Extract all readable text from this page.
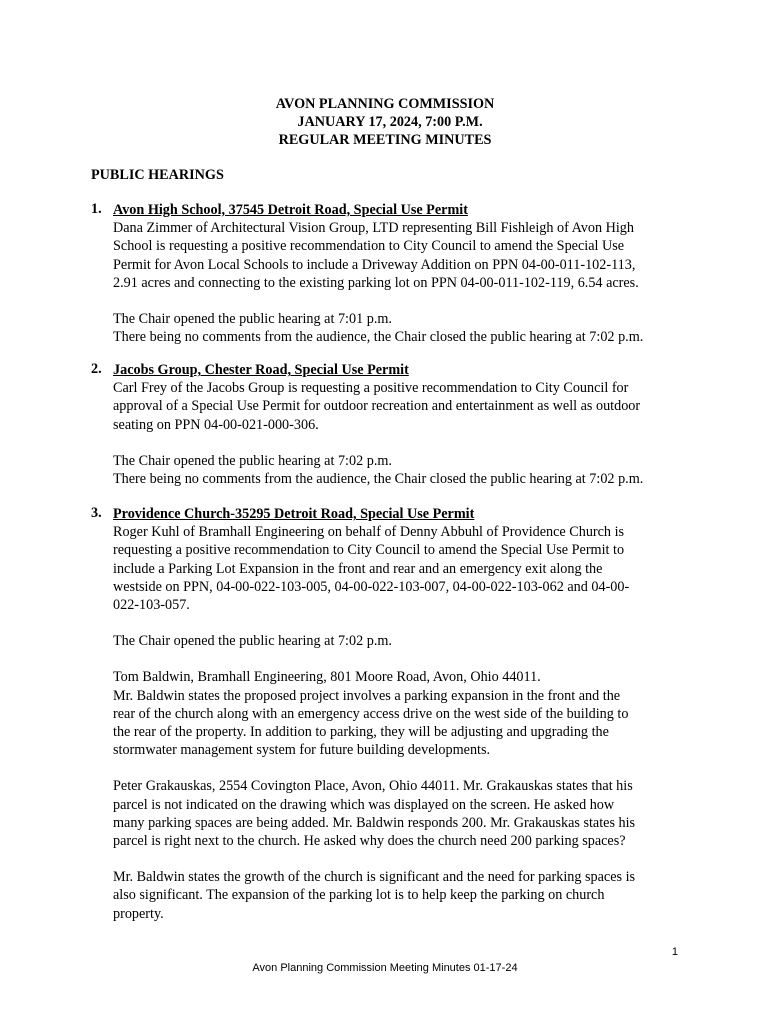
AVON PLANNING COMMISSION
JANUARY 17, 2024, 7:00 P.M.
REGULAR MEETING MINUTES
PUBLIC HEARINGS
1. Avon High School, 37545 Detroit Road, Special Use Permit

Dana Zimmer of Architectural Vision Group, LTD representing Bill Fishleigh of Avon High

School is requesting a positive recommendation to City Council to amend the Special Use

Permit for Avon Local Schools to include a Driveway Addition on PPN 04-00-011-102-113,

2.91 acres and connecting to the existing parking lot on PPN 04-00-011-102-119, 6.54 acres.

The Chair opened the public hearing at 7:01 p.m.

There being no comments from the audience, the Chair closed the public hearing at 7:02 p.m.

2. Jacobs Group, Chester Road, Special Use Permit

Carl Frey of the Jacobs Group is requesting a positive recommendation to City Council for

approval of a Special Use Permit for outdoor recreation and entertainment as well as outdoor

seating on PPN 04-00-021-000-306.

The Chair opened the public hearing at 7:02 p.m.

There being no comments from the audience, the Chair closed the public hearing at 7:02 p.m.

3. Providence Church-35295 Detroit Road, Special Use Permit

Roger Kuhl of Bramhall Engineering on behalf of Denny Abbuhl of Providence Church is

requesting a positive recommendation to City Council to amend the Special Use Permit to

include a Parking Lot Expansion in the front and rear and an emergency exit along the

westside on PPN, 04-00-022-103-005, 04-00-022-103-007, 04-00-022-103-062 and 04-00-

022-103-057.

The Chair opened the public hearing at 7:02 p.m.

Tom Baldwin, Bramhall Engineering, 801 Moore Road, Avon, Ohio 44011.

Mr. Baldwin states the proposed project involves a parking expansion in the front and the

rear of the church along with an emergency access drive on the west side of the building to

the rear of the property. In addition to parking, they will be adjusting and upgrading the

stormwater management system for future building developments.

Peter Grakauskas, 2554 Covington Place, Avon, Ohio 44011. Mr. Grakauskas states that his

parcel is not indicated on the drawing which was displayed on the screen. He asked how

many parking spaces are being added. Mr. Baldwin responds 200. Mr. Grakauskas states his

parcel is right next to the church. He asked why does the church need 200 parking spaces?

Mr. Baldwin states the growth of the church is significant and the need for parking spaces is

also significant. The expansion of the parking lot is to help keep the parking on church

property.

1
Avon Planning Commission Meeting Minutes 01-17-24
